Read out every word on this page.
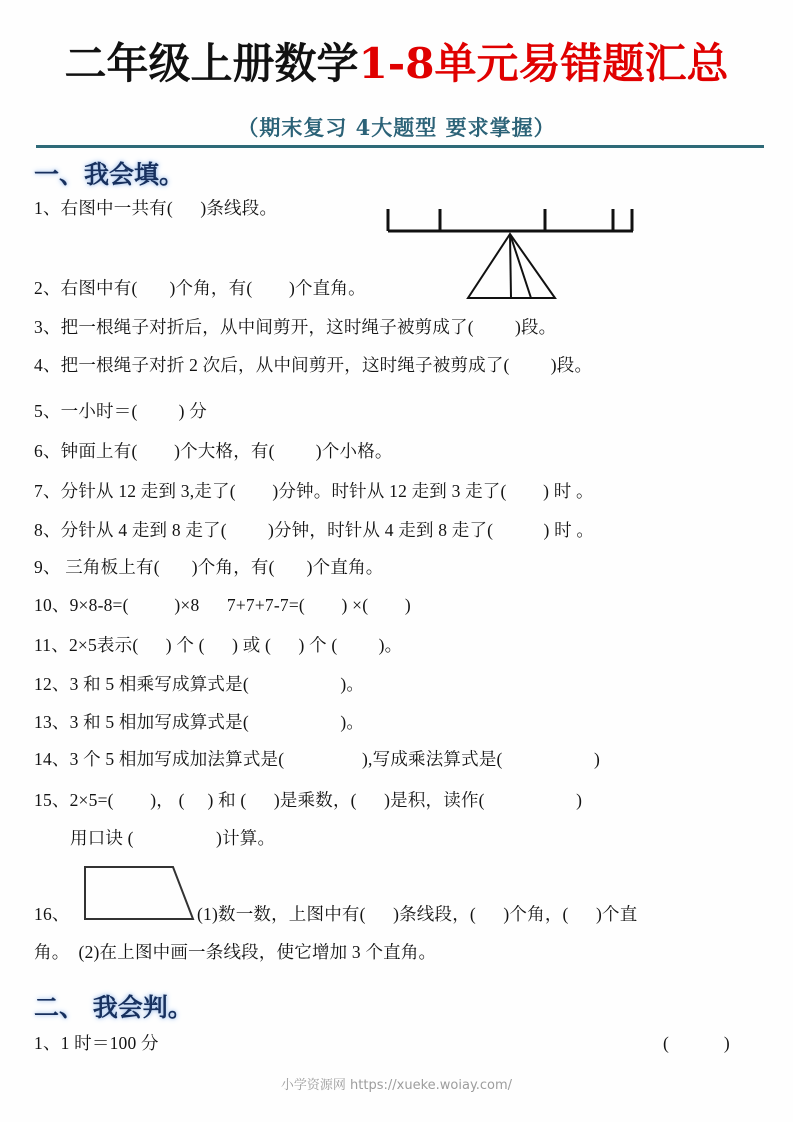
二年级上册数学1-8单元易错题汇总
（期末复习 4大题型 要求掌握）
一、我会填。
1、右图中一共有(      )条线段。
2、右图中有(       )个角，有(        )个直角。
3、把一根绳子对折后，从中间剪开，这时绳子被剪成了(         )段。
4、把一根绳子对折 2 次后，从中间剪开，这时绳子被剪成了(         )段。
5、一小时＝(         ) 分
6、钟面上有(        )个大格，有(         )个小格。
7、分针从 12 走到 3,走了(        )分钟。时针从 12 走到 3 走了(        ) 时 。
8、分针从 4 走到 8 走了(         )分钟，时针从 4 走到 8 走了(           ) 时 。
9、 三角板上有(       )个角，有(       )个直角。
10、9×8-8=(          )×8      7+7+7-7=(        ) ×(        )
11、2×5表示(      ) 个 (      ) 或 (      ) 个 (         )。
12、3 和 5 相乘写成算式是(                    )。
13、3 和 5 相加写成算式是(                    )。
14、3 个 5 相加写成加法算式是(                 ),写成乘法算式是(                    )
15、2×5=(        )， (     ) 和 (      )是乘数，(      )是积，读作(                    )
用口诀 (                  )计算。
16、	(1)数一数，上图中有(      )条线段，(      )个角，(      )个直
角。  (2)在上图中画一条线段，使它增加 3 个直角。
二、 我会判。
1、1 时＝100 分	(            )
小学资源网 https://xueke.woiay.com/
